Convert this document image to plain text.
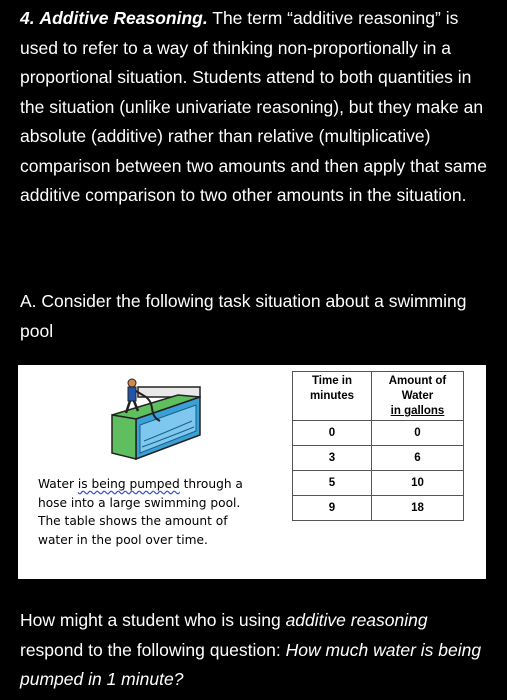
4. Additive Reasoning. The term “additive reasoning” is used to refer to a way of thinking non-proportionally in a proportional situation. Students attend to both quantities in the situation (unlike univariate reasoning), but they make an absolute (additive) rather than relative (multiplicative) comparison between two amounts and then apply that same additive comparison to two other amounts in the situation.

A. Consider the following task situation about a swimming pool

Water is being pumped through a hose into a large swimming pool. The table shows the amount of water in the pool over time.
Time in minutes	Amount of Water
in gallons
0	0
3	6
5	10
9	18

How might a student who is using additive reasoning respond to the following question: How much water is being pumped in 1 minute?
